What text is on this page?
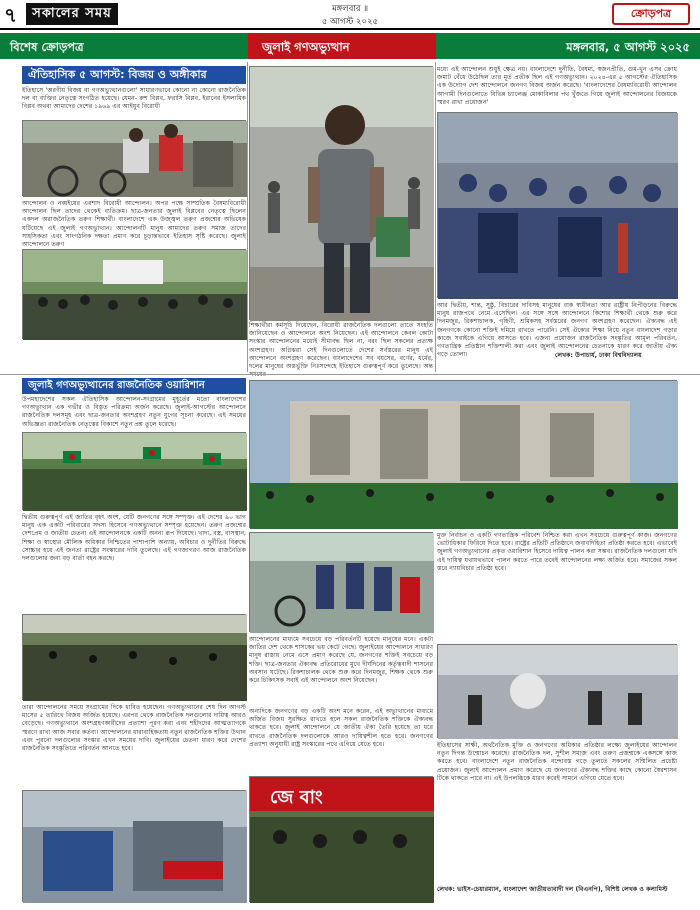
৭	সকালের সময়	মঙ্গলবার ॥
৫ আগস্ট ২০২৫
ক্রোড়পত্র
বিশেষ ক্রোড়পত্র	জুলাই গণঅভ্যুত্থান	মঙ্গলবার, ৫ আগস্ট ২০২৫
ঐতিহাসিক ৫ আগস্ট: বিজয় ও অঙ্গীকার
ইতিহাসে 'অরণীয় বিজয় বা গণঅভ্যুত্থানগুলো' সাধারণভাবে কোনো না কোনো রাজনৈতিক দল বা ব্যক্তির নেতৃত্বে সংগঠিত হয়েছে। যেমন- রুশ বিপ্লব, ফরাসি বিপ্লব, ইরানের ইসলামিক বিপ্লব অথবা আমাদের দেশের ১৯৬৯ এর আইয়ুব বিরোধী
আন্দোলন ও নব্বইয়ের এরশাদ বিরোধী আন্দোলন। অপর পক্ষে সাম্প্রতিক বৈষম্যবিরোধী আন্দোলন ছিল তাদের থেকেই ব্যতিক্রম। ছাত্র-জনতার জুলাই বিপ্লবের নেতৃত্বে ছিলেন একদল অরাজনৈতিক তরুণ শিক্ষার্থী। বাংলাদেশে এক উজ্জ্বল তরুণ প্রজন্মের অভিষেক ঘটিয়েছে এই জুলাই গণঅভ্যুত্থান। আন্দোলনটি মানুষ আমাদের তরুণ সমাজ তাদের সাহসিকতা এবং সাংগঠনিক দক্ষতা প্রমাণ করে চূড়ান্তভাবে ইতিহাস সৃষ্টি করেছে। জুলাই আন্দোলনে তরুণ
শিক্ষার্থীরা কর্মসূচি দিয়েছেন, বিরোধী রাজনৈতিক দলগুলো তাতে সংহতি জানিয়েছেন ও আন্দোলনে অংশ নিয়েছেন। এই আন্দোলনে কেবল কোটা সংস্কার আন্দোলনের মধ্যেই সীমাবদ্ধ ছিল না, বরং ছিল সকলের প্রত্যক্ষ অংশগ্রহণ। অগ্নিঝরা সেই দিনগুলোতে দেশের সর্বস্তরের মানুষ এই আন্দোলনে অংশগ্রহণ করেছেন। বাংলাদেশের সব বয়সের, বর্ণের, ধর্মের, দলের মানুষের অস্তর্ভুক্তি নিঃসন্দেহে ইতিহাসে গুরুত্বপূর্ণ করে তুলেছে। অন্ত
মধ্যে এই আন্দোলন শুধুই ক্ষেত্র নয়। বাংলাদেশে দুর্নীতি, বৈষম্য, স্বজনপ্রীতি, গুম-খুন এসব ক্রোধ জমাট বেঁধে উঠেছিল তার মূর্ত প্রতীক ছিল এই গণঅভ্যুত্থান। ২০২৪-এর ৫ আগস্টের ঐতিহাসিক এক উদ্যোগ দেশ আন্দোলনে জনগণ বিজয় অর্জন করেছে। 'বাংলাদেশের বৈষম্যবিরোধী আন্দোলন আগামী দিনগুলোতে বিভিন্ন চ্যালেঞ্জ মোকাবিলার পথ খুঁজতে গিয়ে জুলাই আন্দোলনের বিজয়কে স্মরণ রাখা প্রয়োজন'
আর দ্বিতীয়, শান্ত, সুষ্ঠু, বিচারের দাবিসহ মানুষের বাক স্বাধীনতা আর রাষ্ট্রীয় নিপীড়নের বিরুদ্ধে মানুষ রাজপথে নেমে এসেছিল। এর সঙ্গে সঙ্গে আন্দোলনে কিশোর শিক্ষার্থী থেকে শুরু করে দিনমজুর, রিকশাচালক, গৃহিণী, শ্রমিকসহ সর্বস্তরের জনগণ অংশগ্রহণ করেছেন। ঐক্যবদ্ধ এই জনগণকে কোনো শক্তিই দমিয়ে রাখতে পারেনি। সেই ঐক্যের শিক্ষা নিয়ে নতুন বাংলাদেশ গড়ার কাজে সবাইকে এগিয়ে আসতে হবে। এজন্য প্রয়োজন রাজনৈতিক সংস্কৃতির আমূল পরিবর্তন, গণতান্ত্রিক প্রতিষ্ঠান শক্তিশালী করা এবং জুলাই আন্দোলনের চেতনাকে ধারণ করে জাতীয় ঐক্য গড়ে তোলা।	লেখক: উপাচার্য, ঢাকা বিশ্ববিদ্যালয়
জুলাই গণঅভ্যুত্থানের রাজনৈতিক ওয়ারিশান
উপমহাদেশের সকল ঐতিহাসিক আন্দোলন-সংগ্রামের মুহূর্তের মতো বাংলাদেশের গণঅভ্যুত্থান এক গভীর ও বিস্তৃত পরিক্রমা অর্জন করেছে। জুলাই-আগস্টের আন্দোলনে রাজনৈতিক দলসমূহ এবং ছাত্র-জনতার অংশগ্রহণ নতুন যুগের সূচনা করেছে। এই সময়ের অভিজ্ঞতা রাজনৈতিক নেতৃত্বের বিকাশে নতুন প্রশ্ন তুলে ধরেছে।
দ্বিতীয় গুরুত্বপূর্ণ এই জাতির বৃহৎ অংশ, যেটি জনগণের সঙ্গে সম্পৃক্ত। এই দেশের ৯০ ভাগ মানুষ এক একটি পরিবারের সদস্য হিসেবে গণঅভ্যুত্থানে সম্পৃক্ত হয়েছেন। তরুণ প্রজন্মের দেশপ্রেম ও জাতীয় চেতনা এই আন্দোলনকে একটি অনন্য রূপ দিয়েছে। খাদ্য, বস্ত্র, বাসস্থান, শিক্ষা ও স্বাস্থ্যের মৌলিক অধিকার নিশ্চিতের পাশাপাশি অন্যায়, অবিচার ও দুর্নীতির বিরুদ্ধে সোচ্চার হয়ে এই জনতা রাষ্ট্রের সংস্কারের দাবি তুলেছে। এই গণজাগরণ আজ রাজনৈতিক দলগুলোর জন্য বড় বার্তা বহন করছে।
তারা আন্দোলনের সময়ে সংগ্রামের দিকে ধাবিত হয়েছেন। গণঅভ্যুত্থানের শেষ দিন আগস্ট মাসের ৫ তারিখে বিজয় অর্জিত হয়েছে। এরপর থেকে রাজনৈতিক দলগুলোর দায়িত্ব আরও বেড়েছে। গণঅভ্যুত্থানে অংশগ্রহণকারীদের প্রত্যাশা পূরণ করা এবং শহীদদের আত্মত্যাগকে স্মরণে রাখা আজ সবার কর্তব্য। আন্দোলনের ধারাবাহিকতায় নতুন রাজনৈতিক শক্তির উত্থান এবং পুরনো দলগুলোর সংস্কার এখন সময়ের দাবি। জুলাইয়ের চেতনা ধারণ করে দেশের রাজনৈতিক সংস্কৃতিতে পরিবর্তন আনতে হবে।
আন্দোলনের মাধ্যমে সবচেয়ে বড় পরিবর্তনটি হয়েছে মানুষের মনে। একটা জাতির দেশ থেকে শাসকের ভয় কেটে গেছে। জুলাইয়ের আন্দোলনে সাধারণ মানুষ রাস্তায় নেমে এসে প্রমাণ করেছে যে, জনগণের শক্তিই সবচেয়ে বড় শক্তি। ছাত্র-জনতার ঐক্যবদ্ধ প্রতিরোধের মুখে দীর্ঘদিনের কর্তৃত্ববাদী শাসনের অবসান ঘটেছে। রিকশাচালক থেকে শুরু করে দিনমজুর, শিক্ষক থেকে শুরু করে চিকিৎসক সবাই এই আন্দোলনে অংশ নিয়েছেন।
অন্যদিকে জনগণের বড় একটি অংশ মনে করেন, এই অভ্যুত্থানের মাধ্যমে অর্জিত বিজয় সুরক্ষিত রাখতে হলে সকল রাজনৈতিক শক্তিকে ঐক্যবদ্ধ থাকতে হবে। জুলাই আন্দোলনে যে জাতীয় ঐক্য তৈরি হয়েছে তা ধরে রাখতে রাজনৈতিক দলগুলোকে আরও দায়িত্বশীল হতে হবে। জনগণের প্রত্যাশা অনুযায়ী রাষ্ট্র সংস্কারের পথে এগিয়ে যেতে হবে।
জে বাং
মুক্ত নির্বাচন ও একটি গণতান্ত্রিক পরিবেশ নিশ্চিত করা এখন সবচেয়ে গুরুত্বপূর্ণ কাজ। জনগণের ভোটাধিকার ফিরিয়ে দিতে হবে। রাষ্ট্রের প্রতিটি প্রতিষ্ঠানে জবাবদিহিতা প্রতিষ্ঠা করতে হবে। এভাবেই জুলাই গণঅভ্যুত্থানের প্রকৃত ওয়ারিশান হিসেবে দায়িত্ব পালন করা সম্ভব। রাজনৈতিক দলগুলো যদি এই দায়িত্ব যথাযথভাবে পালন করতে পারে তবেই আন্দোলনের লক্ষ্য অর্জিত হবে। সমাজের সকল স্তরে ন্যায়বিচার প্রতিষ্ঠা হবে।
ইতিহাসের সাক্ষী, অর্থনৈতিক মুক্তি ও জনগণের অধিকার প্রতিষ্ঠার লক্ষ্যে জুলাইয়ের আন্দোলন নতুন দিগন্ত উন্মোচন করেছে। রাজনৈতিক দল, সুশীল সমাজ এবং তরুণ প্রজন্মকে একসঙ্গে কাজ করতে হবে। বাংলাদেশে নতুন রাজনৈতিক বন্দোবস্ত গড়ে তুলতে সকলের সম্মিলিত প্রচেষ্টা প্রয়োজন। জুলাই আন্দোলন প্রমাণ করেছে যে জনগণের ঐক্যবদ্ধ শক্তির কাছে কোনো স্বৈরশাসন টিকে থাকতে পারে না। এই উপলব্ধিকে ধারণ করেই সামনে এগিয়ে যেতে হবে।
লেখক: ভাইস-চেয়ারম্যান, বাংলাদেশ জাতীয়তাবাদী দল (বিএনপি), বিশিষ্ট লেখক ও কলামিস্ট
